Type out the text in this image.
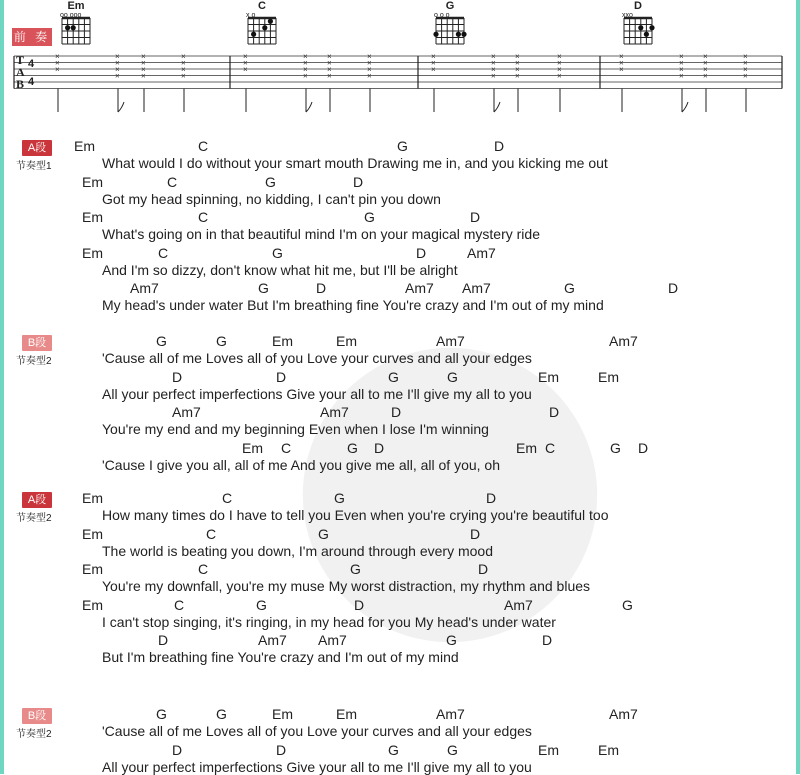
前 奏
Em
oo ooo
C
x o
G
o o o
D
xxo
T
A
B
4
4
×
×
×
×
×
×
×
×
×
×
×
×
×
×
×
×
×
×
×
×
×
×
×
×
×
×
×
×
×
×
×
×
×
×
×
×
×
×
×
×
×
×
×
×
×
×
×
×
×
×
×
×
×
×
×
×
×
×
×
×
A段
节奏型1
Em	C	G	D
What would I do without your smart mouth Drawing me in, and you kicking me out
Em	C	G	D
Got my head spinning, no kidding, I can't pin you down
Em	C	G	D
What's going on in that beautiful mind I'm on your magical mystery ride
Em	C	G	D	Am7
And I'm so dizzy, don't know what hit me, but I'll be alright
Am7	G	D	Am7 Am7	G	D
My head's under water But I'm breathing fine You're crazy and I'm out of my mind
B段
节奏型2
G	G	Em	Em	Am7	Am7
'Cause all of me Loves all of you Love your curves and all your edges
D	D	G	G	Em	Em
All your perfect imperfections Give your all to me I'll give my all to you
Am7	Am7	D	D
You're my end and my beginning Even when I lose I'm winning
Em C	G D	Em C	G D
'Cause I give you all, all of me And you give me all, all of you, oh
A段
节奏型2
Em	C	G	D
How many times do I have to tell you Even when you're crying you're beautiful too
Em	C	G	D
The world is beating you down, I'm around through every mood
Em	C	G	D
You're my downfall, you're my muse My worst distraction, my rhythm and blues
Em	C	G	D	Am7	G
I can't stop singing, it's ringing, in my head for you My head's under water
D	Am7 Am7	G	D
But I'm breathing fine You're crazy and I'm out of my mind
B段
节奏型2
G	G	Em	Em	Am7	Am7
'Cause all of me Loves all of you Love your curves and all your edges
D	D	G	G	Em	Em
All your perfect imperfections Give your all to me I'll give my all to you
